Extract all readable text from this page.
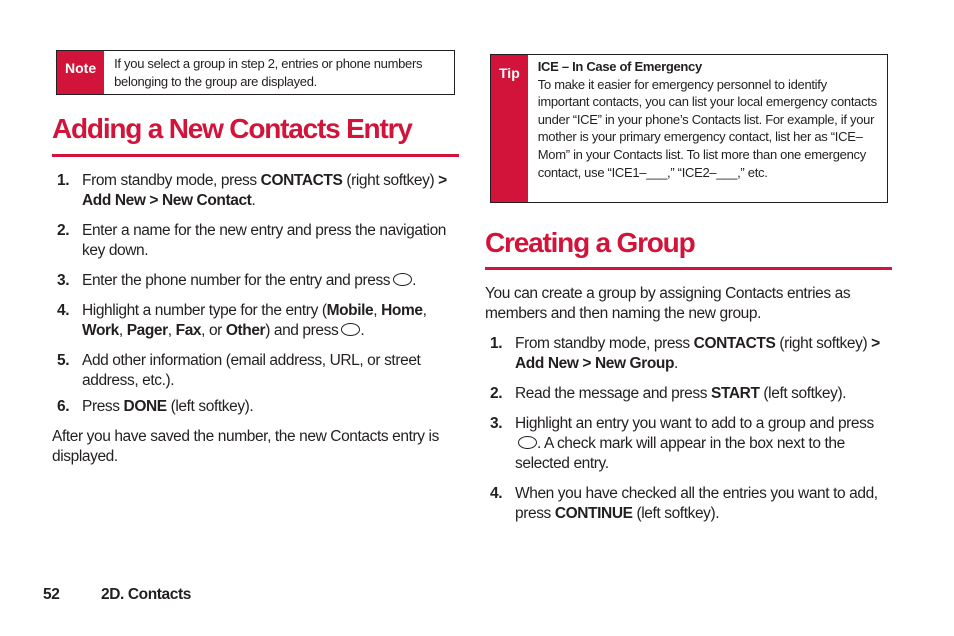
Note	If you select a group in step 2, entries or phone numbers belonging to the group are displayed.
Adding a New Contacts Entry
1. From standby mode, press CONTACTS (right softkey) > Add New > New Contact.
2. Enter a name for the new entry and press the navigation key down.
3. Enter the phone number for the entry and press .
4. Highlight a number type for the entry (Mobile, Home, Work, Pager, Fax, or Other) and press .
5. Add other information (email address, URL, or street address, etc.).
6. Press DONE (left softkey).

After you have saved the number, the new Contacts entry is displayed.

Tip	ICE – In Case of Emergency
To make it easier for emergency personnel to identify important contacts, you can list your local emergency contacts under “ICE” in your phone’s Contacts list. For example, if your mother is your primary emergency contact, list her as “ICE–Mom” in your Contacts list. To list more than one emergency contact, use “ICE1–___,” “ICE2–___,” etc.
Creating a Group

You can create a group by assigning Contacts entries as members and then naming the new group.

1. From standby mode, press CONTACTS (right softkey) > Add New > New Group.
2. Read the message and press START (left softkey).
3. Highlight an entry you want to add to a group and press. A check mark will appear in the box next to the selected entry.
4. When you have checked all the entries you want to add, press CONTINUE (left softkey).
52	2D. Contacts
